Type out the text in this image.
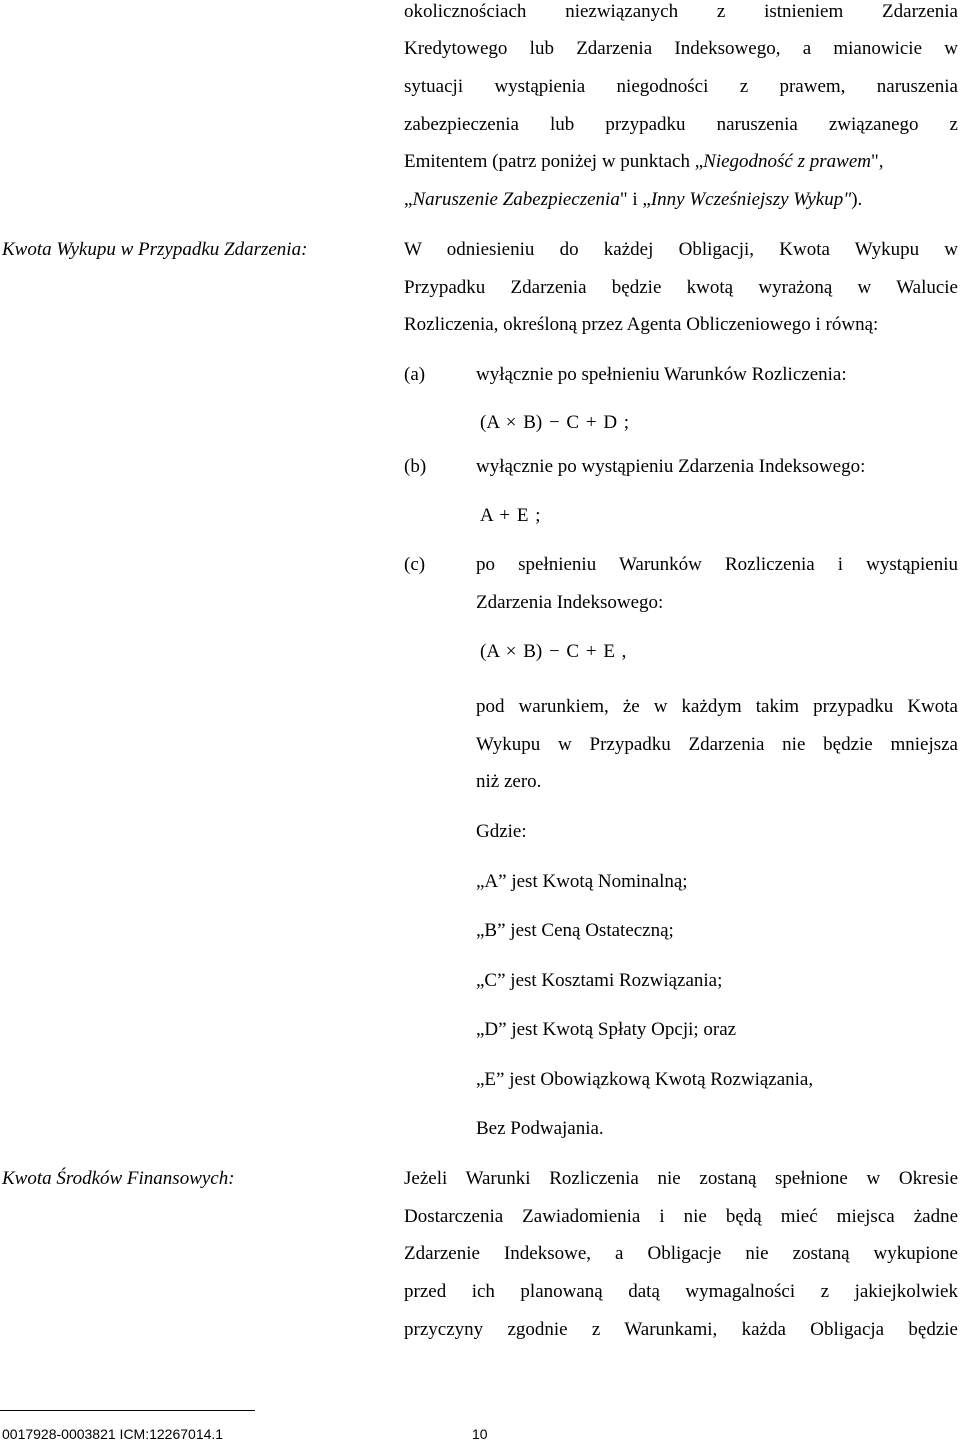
okolicznościach niezwiązanych z istnieniem Zdarzenia
Kredytowego lub Zdarzenia Indeksowego, a mianowicie w
sytuacji wystąpienia niegodności z prawem, naruszenia
zabezpieczenia lub przypadku naruszenia związanego z
Emitentem (patrz poniżej w punktach „Niegodność z prawem",
„Naruszenie Zabezpieczenia" i „Inny Wcześniejszy Wykup").
Kwota Wykupu w Przypadku Zdarzenia:	W odniesieniu do każdej Obligacji, Kwota Wykupu w
Przypadku Zdarzenia będzie kwotą wyrażoną w Walucie
Rozliczenia, określoną przez Agenta Obliczeniowego i równą:
(a)	wyłącznie po spełnieniu Warunków Rozliczenia:
(A × B) − C + D ;
(b)	wyłącznie po wystąpieniu Zdarzenia Indeksowego:
A + E ;
(c)	po spełnieniu Warunków Rozliczenia i wystąpieniu
Zdarzenia Indeksowego:
(A × B) − C + E ,
pod warunkiem, że w każdym takim przypadku Kwota
Wykupu w Przypadku Zdarzenia nie będzie mniejsza
niż zero.
Gdzie:
„A” jest Kwotą Nominalną;
„B” jest Ceną Ostateczną;
„C” jest Kosztami Rozwiązania;
„D” jest Kwotą Spłaty Opcji; oraz
„E” jest Obowiązkową Kwotą Rozwiązania,
Bez Podwajania.
Kwota Środków Finansowych:	Jeżeli Warunki Rozliczenia nie zostaną spełnione w Okresie
Dostarczenia Zawiadomienia i nie będą mieć miejsca żadne
Zdarzenie Indeksowe, a Obligacje nie zostaną wykupione
przed ich planowaną datą wymagalności z jakiejkolwiek
przyczyny zgodnie z Warunkami, każda Obligacja będzie
0017928-0003821 ICM:12267014.1	10
